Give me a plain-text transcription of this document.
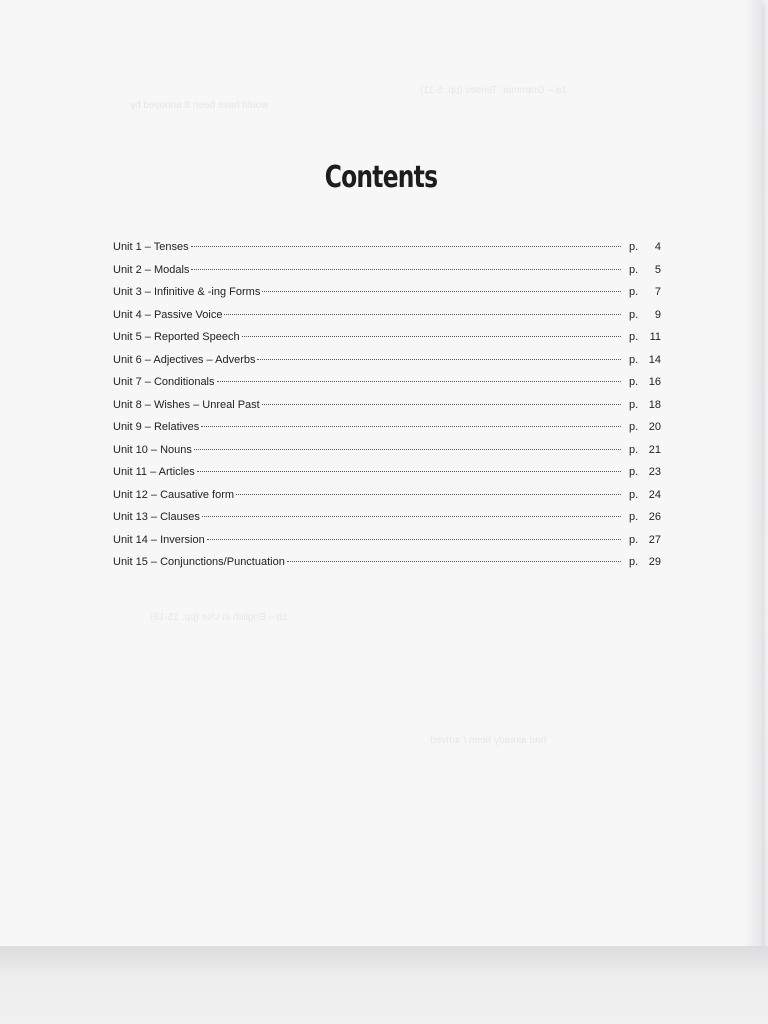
1a – Grammar: Tenses (pp. 5-11)
would have been 8 annoyed by
had already been / arrived
1b – English in Use (pp. 15-18)
Contents
Unit 1 – Tenses	p. 4
Unit 2 – Modals	p. 5
Unit 3 – Infinitive & -ing Forms	p. 7
Unit 4 – Passive Voice	p. 9
Unit 5 – Reported Speech	p. 11
Unit 6 – Adjectives – Adverbs	p. 14
Unit 7 – Conditionals	p. 16
Unit 8 – Wishes – Unreal Past	p. 18
Unit 9 – Relatives	p. 20
Unit 10 – Nouns	p. 21
Unit 11 – Articles	p. 23
Unit 12 – Causative form	p. 24
Unit 13 – Clauses	p. 26
Unit 14 – Inversion	p. 27
Unit 15 – Conjunctions/Punctuation	p. 29
